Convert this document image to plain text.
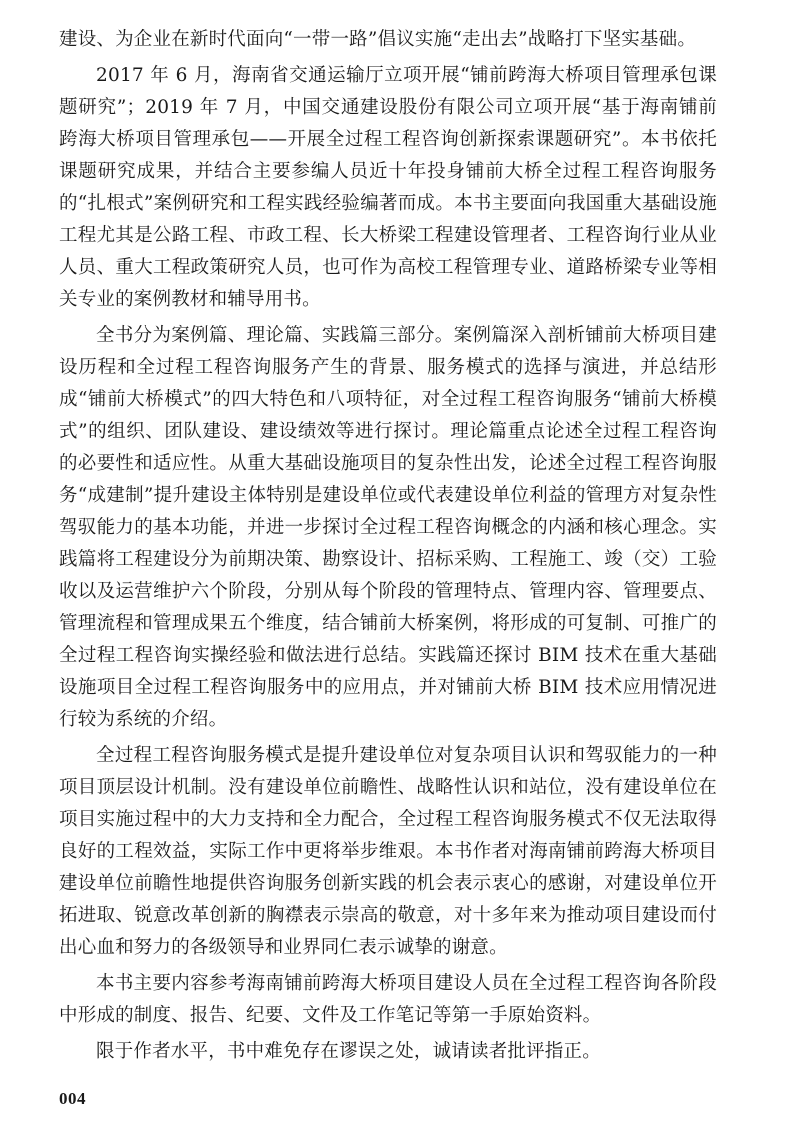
建设、为企业在新时代面向“一带一路”倡议实施“走出去”战略打下坚实基础。

2017 年 6 月，海南省交通运输厅立项开展“铺前跨海大桥项目管理承包课题研究”；2019 年 7 月，中国交通建设股份有限公司立项开展“基于海南铺前跨海大桥项目管理承包——开展全过程工程咨询创新探索课题研究”。本书依托课题研究成果，并结合主要参编人员近十年投身铺前大桥全过程工程咨询服务的“扎根式”案例研究和工程实践经验编著而成。本书主要面向我国重大基础设施工程尤其是公路工程、市政工程、长大桥梁工程建设管理者、工程咨询行业从业人员、重大工程政策研究人员，也可作为高校工程管理专业、道路桥梁专业等相关专业的案例教材和辅导用书。

全书分为案例篇、理论篇、实践篇三部分。案例篇深入剖析铺前大桥项目建设历程和全过程工程咨询服务产生的背景、服务模式的选择与演进，并总结形成“铺前大桥模式”的四大特色和八项特征，对全过程工程咨询服务“铺前大桥模式”的组织、团队建设、建设绩效等进行探讨。理论篇重点论述全过程工程咨询的必要性和适应性。从重大基础设施项目的复杂性出发，论述全过程工程咨询服务“成建制”提升建设主体特别是建设单位或代表建设单位利益的管理方对复杂性驾驭能力的基本功能，并进一步探讨全过程工程咨询概念的内涵和核心理念。实践篇将工程建设分为前期决策、勘察设计、招标采购、工程施工、竣（交）工验收以及运营维护六个阶段，分别从每个阶段的管理特点、管理内容、管理要点、管理流程和管理成果五个维度，结合铺前大桥案例，将形成的可复制、可推广的全过程工程咨询实操经验和做法进行总结。实践篇还探讨 BIM 技术在重大基础设施项目全过程工程咨询服务中的应用点，并对铺前大桥 BIM 技术应用情况进行较为系统的介绍。

全过程工程咨询服务模式是提升建设单位对复杂项目认识和驾驭能力的一种项目顶层设计机制。没有建设单位前瞻性、战略性认识和站位，没有建设单位在项目实施过程中的大力支持和全力配合，全过程工程咨询服务模式不仅无法取得良好的工程效益，实际工作中更将举步维艰。本书作者对海南铺前跨海大桥项目建设单位前瞻性地提供咨询服务创新实践的机会表示衷心的感谢，对建设单位开拓进取、锐意改革创新的胸襟表示崇高的敬意，对十多年来为推动项目建设而付出心血和努力的各级领导和业界同仁表示诚挚的谢意。

本书主要内容参考海南铺前跨海大桥项目建设人员在全过程工程咨询各阶段中形成的制度、报告、纪要、文件及工作笔记等第一手原始资料。

限于作者水平，书中难免存在谬误之处，诚请读者批评指正。

004
